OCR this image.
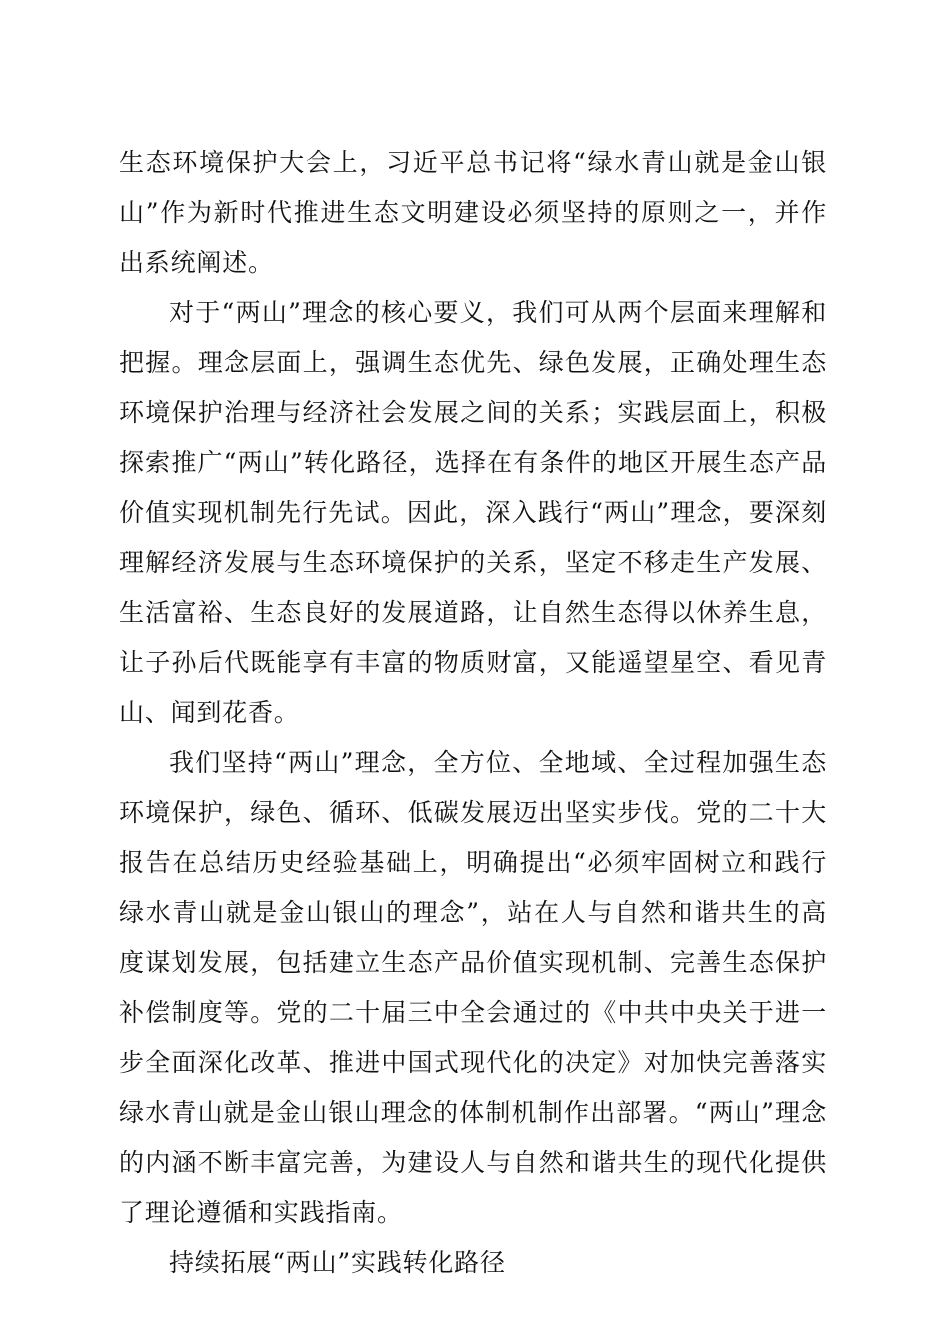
生态环境保护大会上，习近平总书记将“绿水青山就是金山银山”作为新时代推进生态文明建设必须坚持的原则之一，并作出系统阐述。

对于“两山”理念的核心要义，我们可从两个层面来理解和把握。理念层面上，强调生态优先、绿色发展，正确处理生态环境保护治理与经济社会发展之间的关系；实践层面上，积极探索推广“两山”转化路径，选择在有条件的地区开展生态产品价值实现机制先行先试。因此，深入践行“两山”理念，要深刻理解经济发展与生态环境保护的关系，坚定不移走生产发展、生活富裕、生态良好的发展道路，让自然生态得以休养生息，让子孙后代既能享有丰富的物质财富，又能遥望星空、看见青山、闻到花香。

我们坚持“两山”理念，全方位、全地域、全过程加强生态环境保护，绿色、循环、低碳发展迈出坚实步伐。党的二十大报告在总结历史经验基础上，明确提出“必须牢固树立和践行绿水青山就是金山银山的理念”，站在人与自然和谐共生的高度谋划发展，包括建立生态产品价值实现机制、完善生态保护补偿制度等。党的二十届三中全会通过的《中共中央关于进一步全面深化改革、推进中国式现代化的决定》对加快完善落实绿水青山就是金山银山理念的体制机制作出部署。“两山”理念的内涵不断丰富完善，为建设人与自然和谐共生的现代化提供了理论遵循和实践指南。

持续拓展“两山”实践转化路径
